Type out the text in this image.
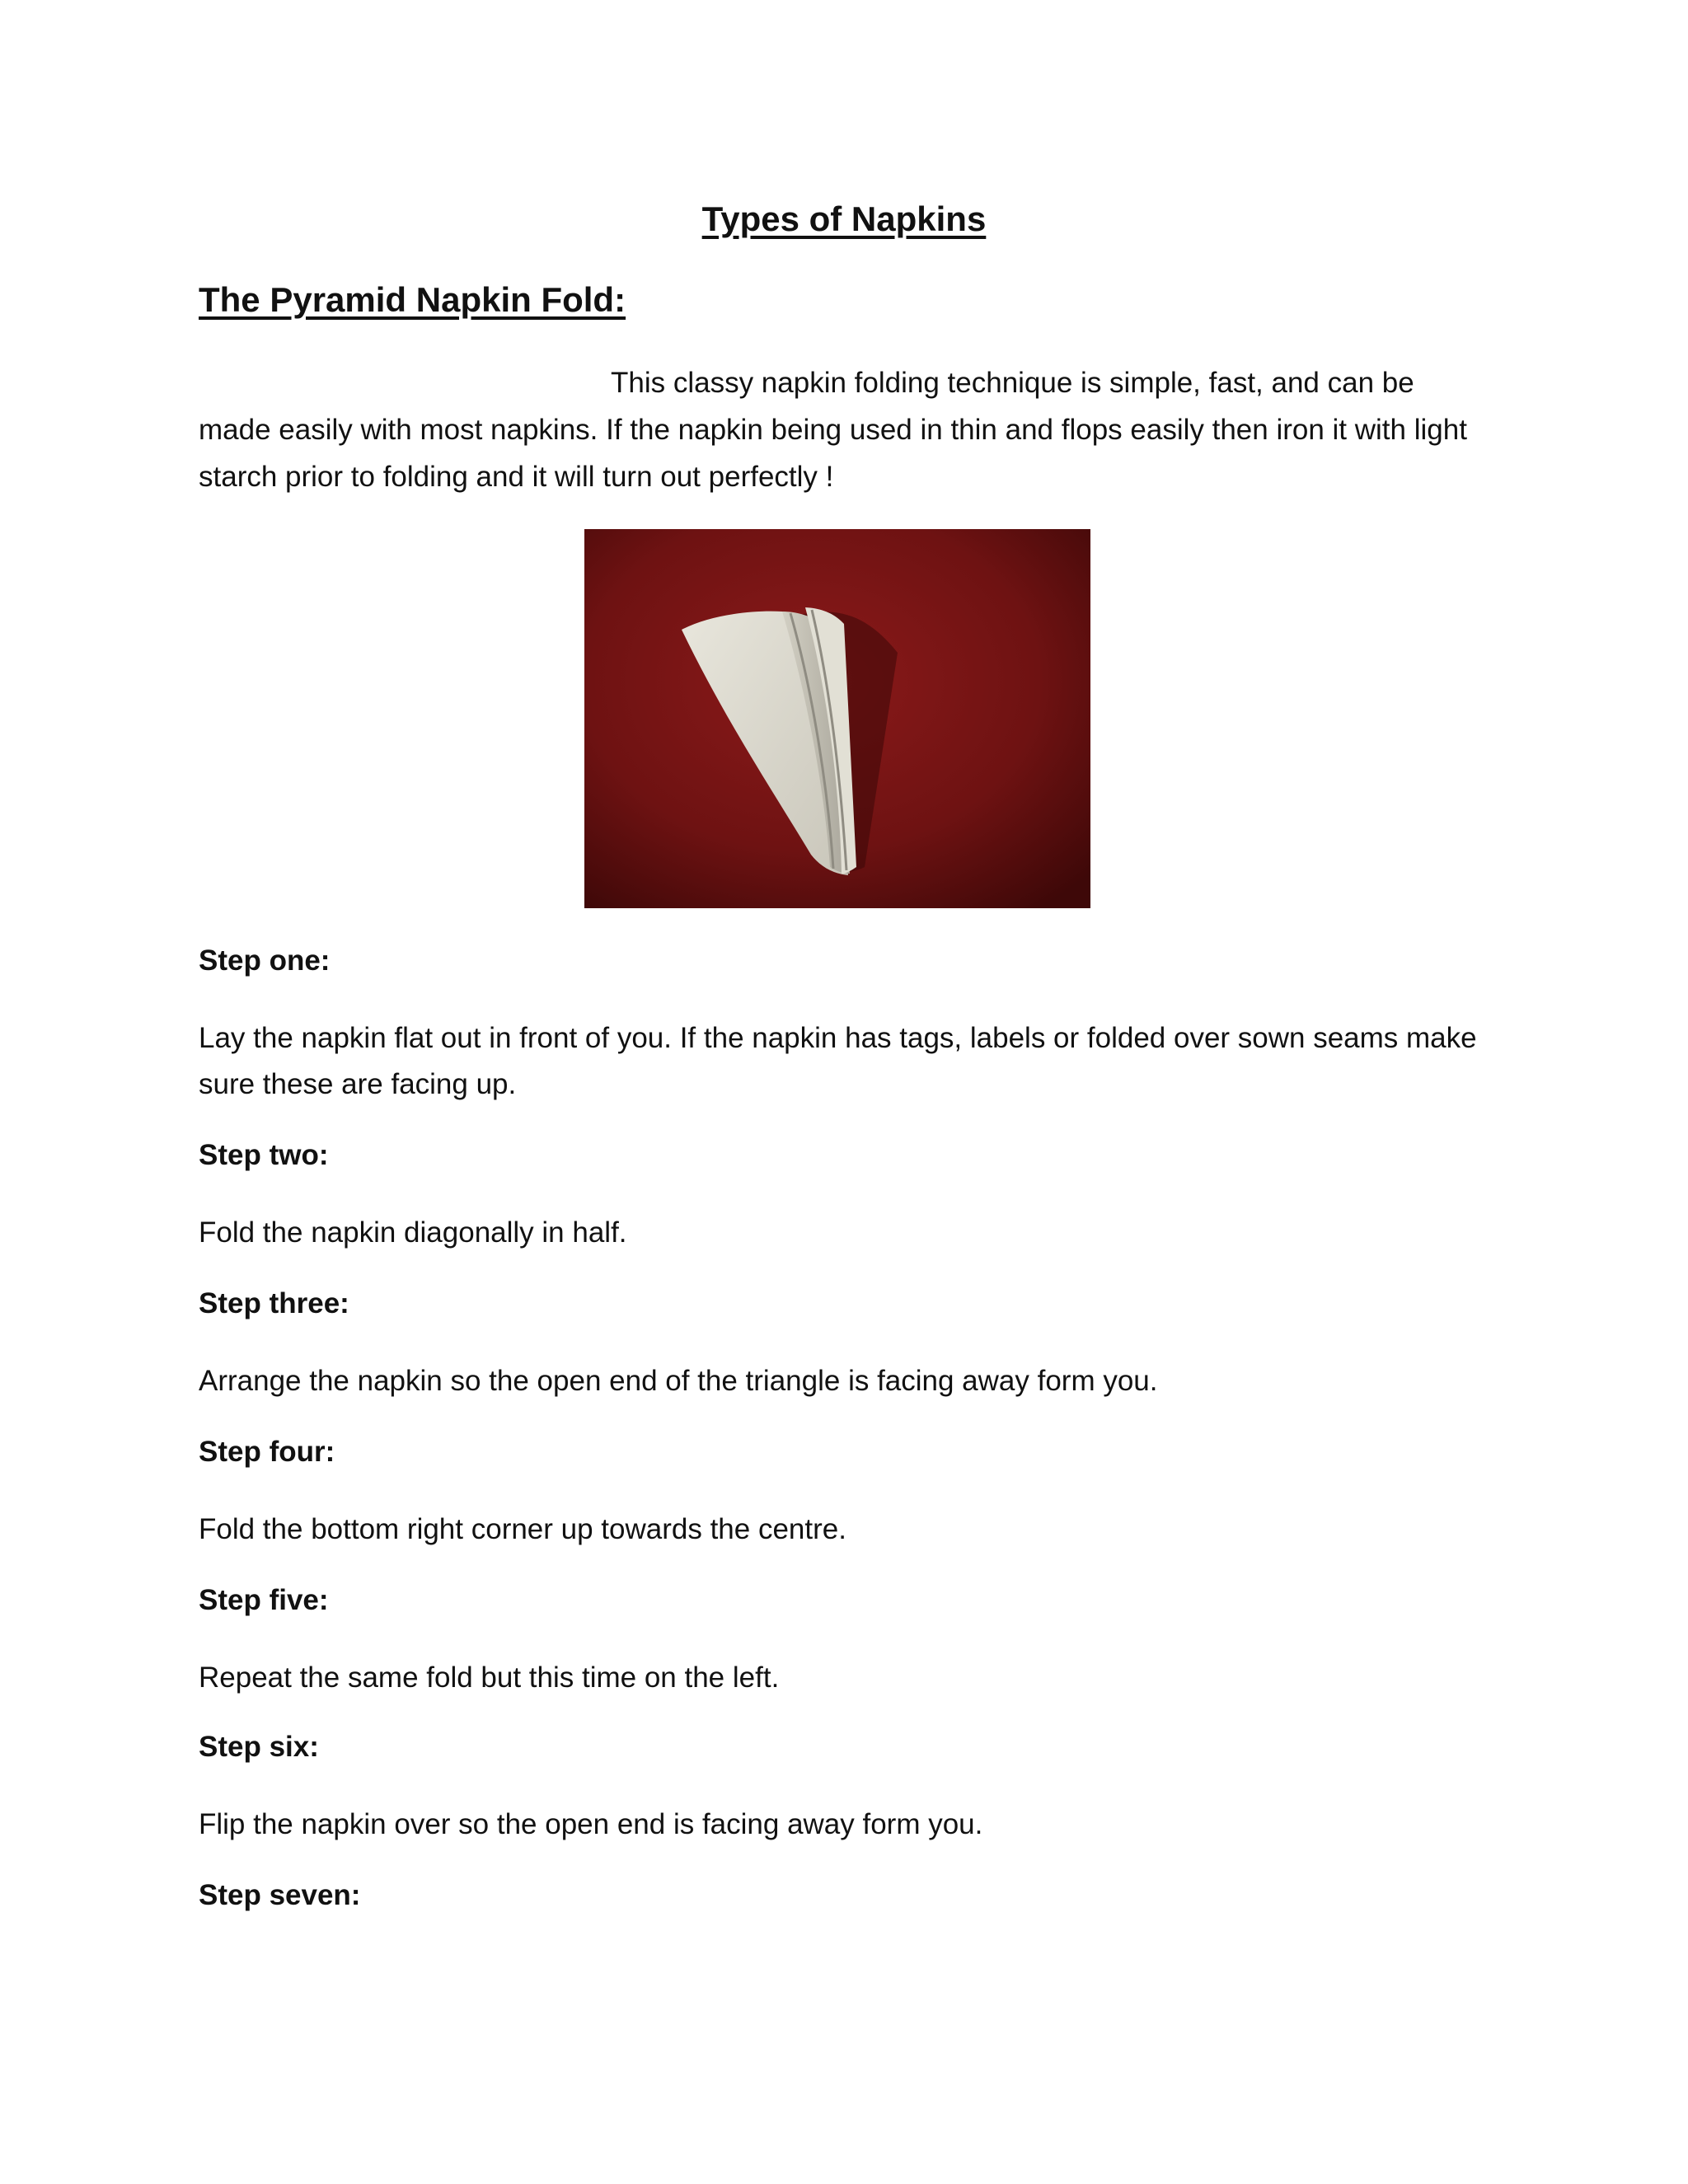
Types of Napkins
The Pyramid Napkin Fold:

This classy napkin folding technique is simple, fast, and can be made easily with most napkins. If the napkin being used in thin and flops easily then iron it with light starch prior to folding and it will turn out perfectly !

Step one:

Lay the napkin flat out in front of you. If the napkin has tags, labels or folded over sown seams make sure these are facing up.

Step two:

Fold the napkin diagonally in half.

Step three:

Arrange the napkin so the open end of the triangle is facing away form you.

Step four:

Fold the bottom right corner up towards the centre.

Step five:

Repeat the same fold but this time on the left.

Step six:

Flip the napkin over so the open end is facing away form you.

Step seven:
